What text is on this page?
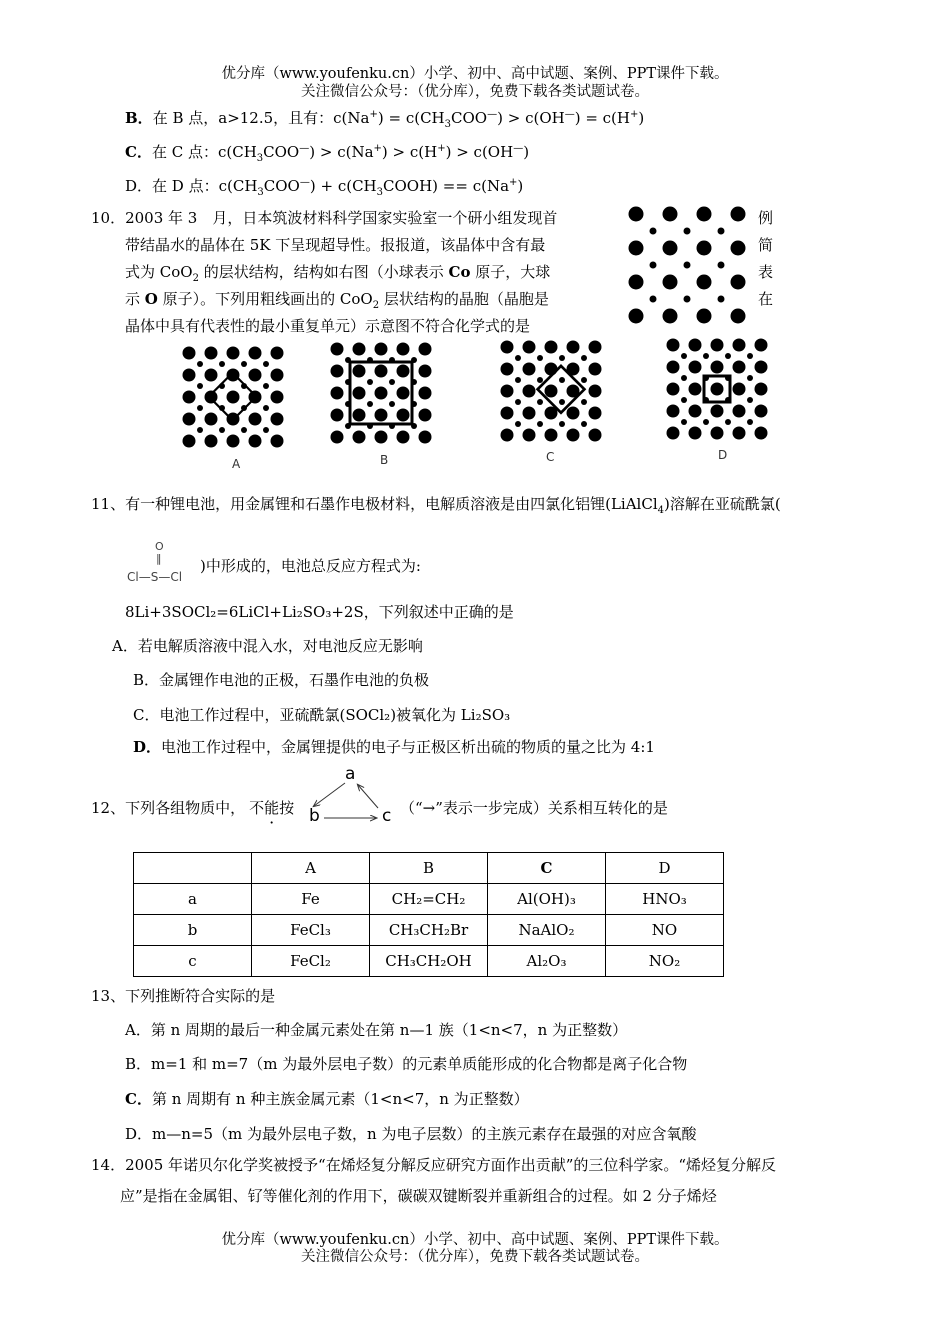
优分库（www.youfenku.cn）小学、初中、高中试题、案例、PPT课件下载。
关注微信公众号：（优分库），免费下载各类试题试卷。
B．在 B 点，a>12.5，且有：$c(Na^+) = c(CH_3COO^—) > c(OH^—) = c(H^+)$
C．在 C 点：$c(CH_3COO^—) > c(Na^+) > c(H^+) > c(OH^—)$
D．在 D 点：$c(CH_3COO^—)$ + $c(CH_3COOH) == c(Na^+)$
10．2003 年 3　月，日本筑波材料科学国家实验室一个研小组发现首
带结晶水的晶体在 5K 下呈现超导性。报报道，该晶体中含有最
式为 CoO$_2$ 的层状结构，结构如右图（小球表示 Co 原子，大球
示 O 原子）。下列用粗线画出的 CoO$_2$ 层状结构的晶胞（晶胞是
晶体中具有代表性的最小重复单元）示意图不符合化学式的是
例
简
表
在
A	B	C	D
11、有一种锂电池，用金属锂和石墨作电极材料，电解质溶液是由四氯化铝锂(LiAlCl$_4$)溶解在亚硫酰氯(
O
‖
Cl—S—Cl
)中形成的，电池总反应方程式为:
8Li+3SOCl₂=6LiCl+Li₂SO₃+2S，下列叙述中正确的是
A．若电解质溶液中混入水，对电池反应无影响
B．金属锂作电池的正极，石墨作电池的负极
C．电池工作过程中，亚硫酰氯(SOCl₂)被氧化为 Li₂SO₃
D．电池工作过程中，金属锂提供的电子与正极区析出硫的物质的量之比为 4:1
12、下列各组物质中， 不能按
a
b	c （“→”表示一步完成）关系相互转化的是
	A	B	C	D
a	Fe	CH₂=CH₂	Al(OH)₃	HNO₃
b	FeCl₃	CH₃CH₂Br	NaAlO₂	NO
c	FeCl₂	CH₃CH₂OH	Al₂O₃	NO₂
13、下列推断符合实际的是
A．第 n 周期的最后一种金属元素处在第 n—1 族（1<n<7，n 为正整数）
B．m=1 和 m=7（m 为最外层电子数）的元素单质能形成的化合物都是离子化合物
C．第 n 周期有 n 种主族金属元素（1<n<7，n 为正整数）
D．m—n=5（m 为最外层电子数，n 为电子层数）的主族元素存在最强的对应含氧酸
14．2005 年诺贝尔化学奖被授予“在烯烃复分解反应研究方面作出贡献”的三位科学家。“烯烃复分解反
应”是指在金属钼、钌等催化剂的作用下，碳碳双键断裂并重新组合的过程。如 2 分子烯烃
优分库（www.youfenku.cn）小学、初中、高中试题、案例、PPT课件下载。
关注微信公众号：（优分库），免费下载各类试题试卷。
